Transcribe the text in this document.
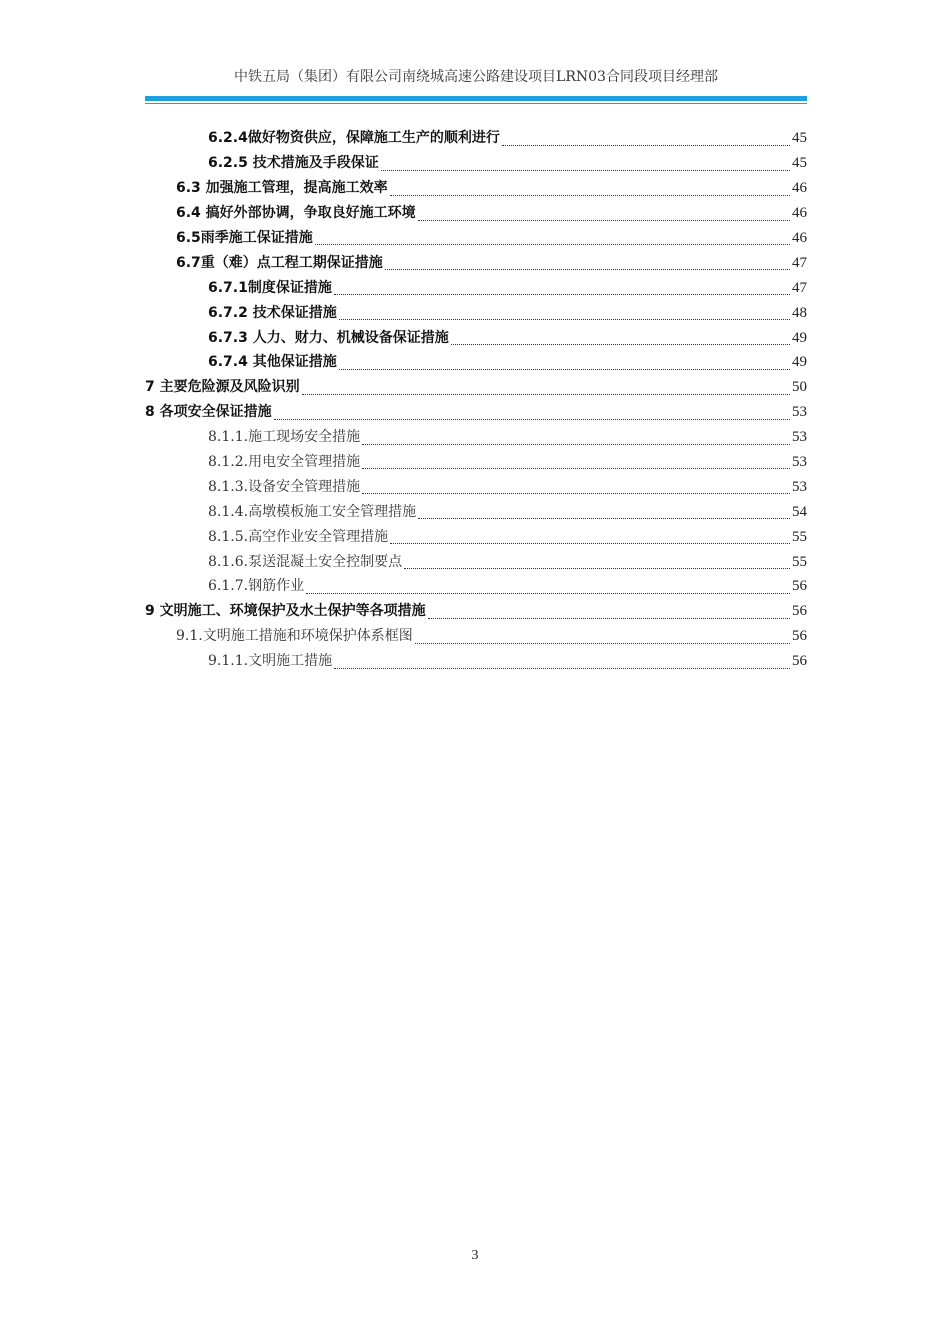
中铁五局（集团）有限公司南绕城高速公路建设项目LRN03合同段项目经理部
6.2.4做好物资供应，保障施工生产的顺利进行	45
6.2.5 技术措施及手段保证	45
6.3 加强施工管理，提高施工效率	46
6.4 搞好外部协调，争取良好施工环境	46
6.5雨季施工保证措施	46
6.7重（难）点工程工期保证措施	47
6.7.1制度保证措施	47
6.7.2 技术保证措施	48
6.7.3 人力、财力、机械设备保证措施	49
6.7.4 其他保证措施	49
7 主要危险源及风险识别	50
8 各项安全保证措施	53
8.1.1.施工现场安全措施	53
8.1.2.用电安全管理措施	53
8.1.3.设备安全管理措施	53
8.1.4.高墩模板施工安全管理措施	54
8.1.5.高空作业安全管理措施	55
8.1.6.泵送混凝土安全控制要点	55
6.1.7.钢筋作业	56
9 文明施工、环境保护及水土保护等各项措施	56
9.1.文明施工措施和环境保护体系框图	56
9.1.1.文明施工措施	56
3
